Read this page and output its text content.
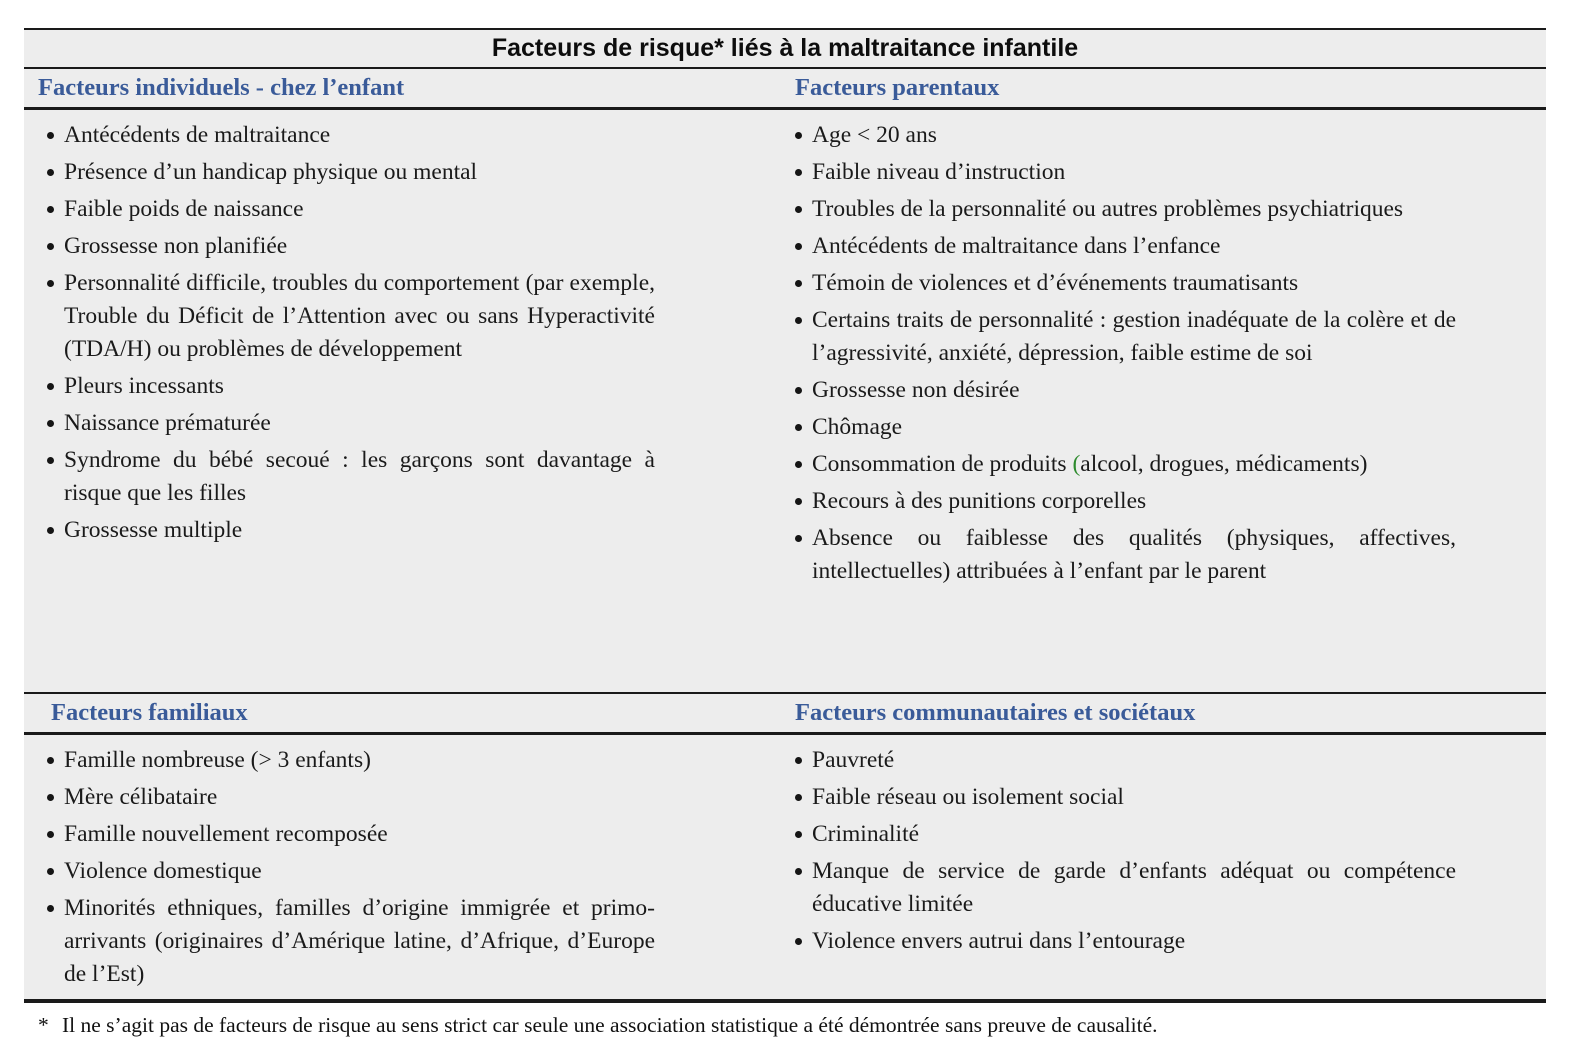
Facteurs de risque* liés à la maltraitance infantile
Facteurs individuels - chez l’enfant	Facteurs parentaux
Antécédents de maltraitance
Présence d’un handicap physique ou mental
Faible poids de naissance
Grossesse non planifiée
Personnalité difficile, troubles du comportement (par exemple, Trouble du Déficit de l’Attention avec ou sans Hyperactivité (TDA/H) ou problèmes de développement
Pleurs incessants
Naissance prématurée
Syndrome du bébé secoué : les garçons sont davantage à risque que les filles
Grossesse multiple
Age < 20 ans
Faible niveau d’instruction
Troubles de la personnalité ou autres problèmes psychiatriques
Antécédents de maltraitance dans l’enfance
Témoin de violences et d’événements traumatisants
Certains traits de personnalité : gestion inadéquate de la colère et de l’agressivité, anxiété, dépression, faible estime de soi
Grossesse non désirée
Chômage
Consommation de produits (alcool, drogues, médicaments)
Recours à des punitions corporelles
Absence ou faiblesse des qualités (physiques, affectives, intellectuelles) attribuées à l’enfant par le parent
Facteurs familiaux	Facteurs communautaires et sociétaux
Famille nombreuse (> 3 enfants)
Mère célibataire
Famille nouvellement recomposée
Violence domestique
Minorités ethniques, familles d’origine immigrée et primo-arrivants (originaires d’Amérique latine, d’Afrique, d’Europe de l’Est)
Pauvreté
Faible réseau ou isolement social
Criminalité
Manque de service de garde d’enfants adéquat ou compétence éducative limitée
Violence envers autrui dans l’entourage
* Il ne s’agit pas de facteurs de risque au sens strict car seule une association statistique a été démontrée sans preuve de causalité.
